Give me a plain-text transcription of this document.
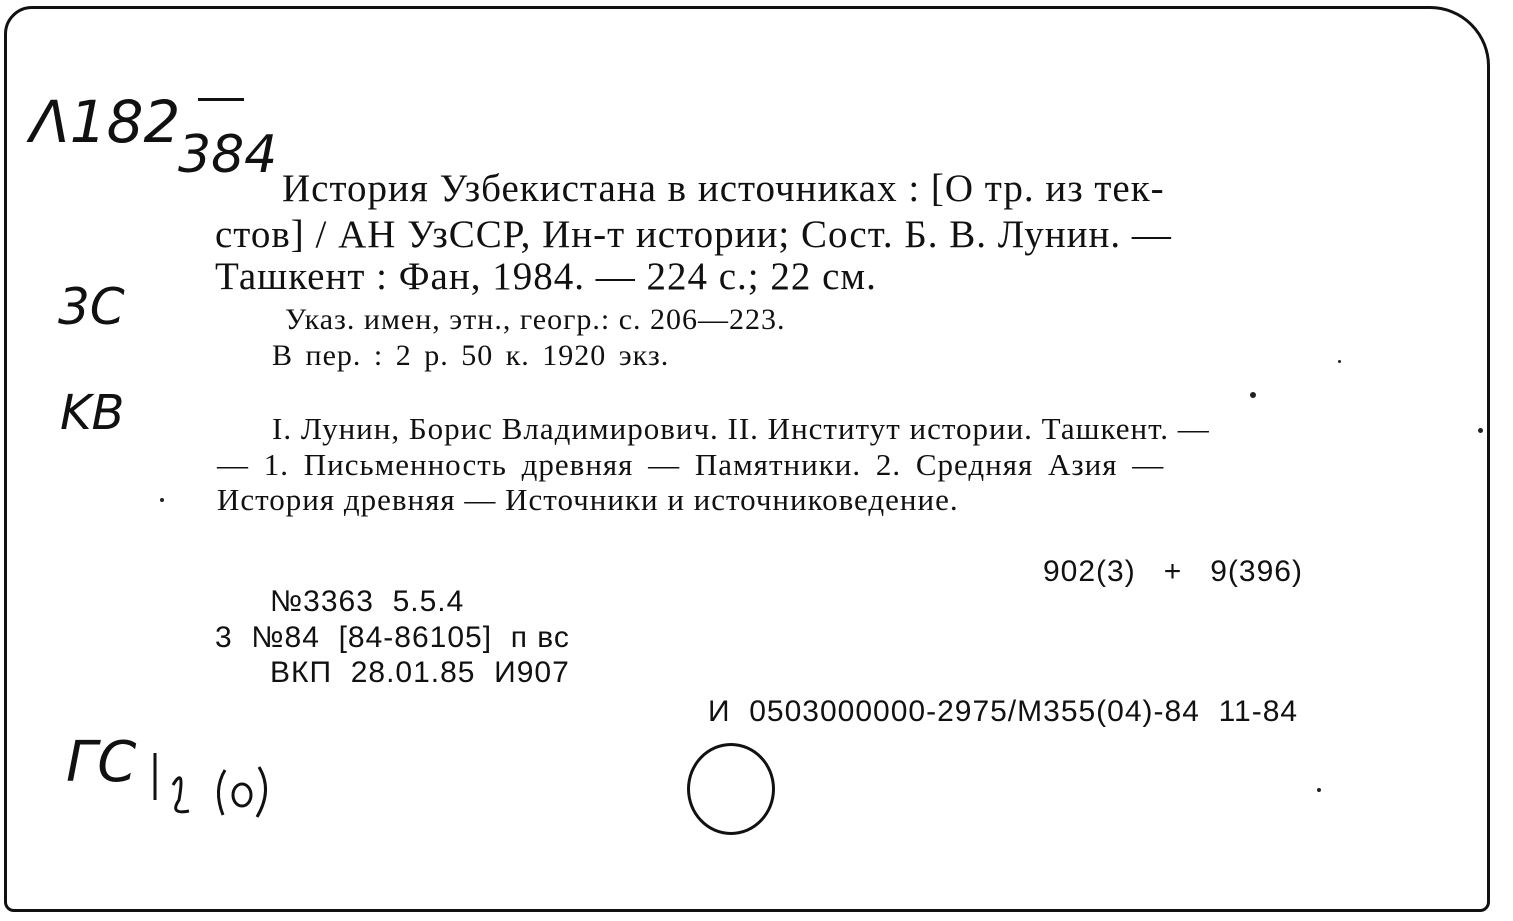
Λ182
384
3C
KB
ГС
История Узбекистана в источниках : [О тр. из тек-
стов] / АН УзССР, Ин-т истории; Сост. Б. В. Лунин. —
Ташкент : Фан, 1984. — 224 с.; 22 см.
Указ. имен, этн., геогр.: с. 206—223.
В пер. : 2 р. 50 к. 1920 экз.
I. Лунин, Борис Владимирович. II. Институт истории. Ташкент. —
— 1. Письменность древняя — Памятники. 2. Средняя Азия —
История древняя — Источники и источниковедение.
902(3)   +   9(396)
№3363  5.5.4
3  №84  [84-86105]  п вс
ВКП  28.01.85  И907
И  0503000000-2975/М355(04)-84  11-84
